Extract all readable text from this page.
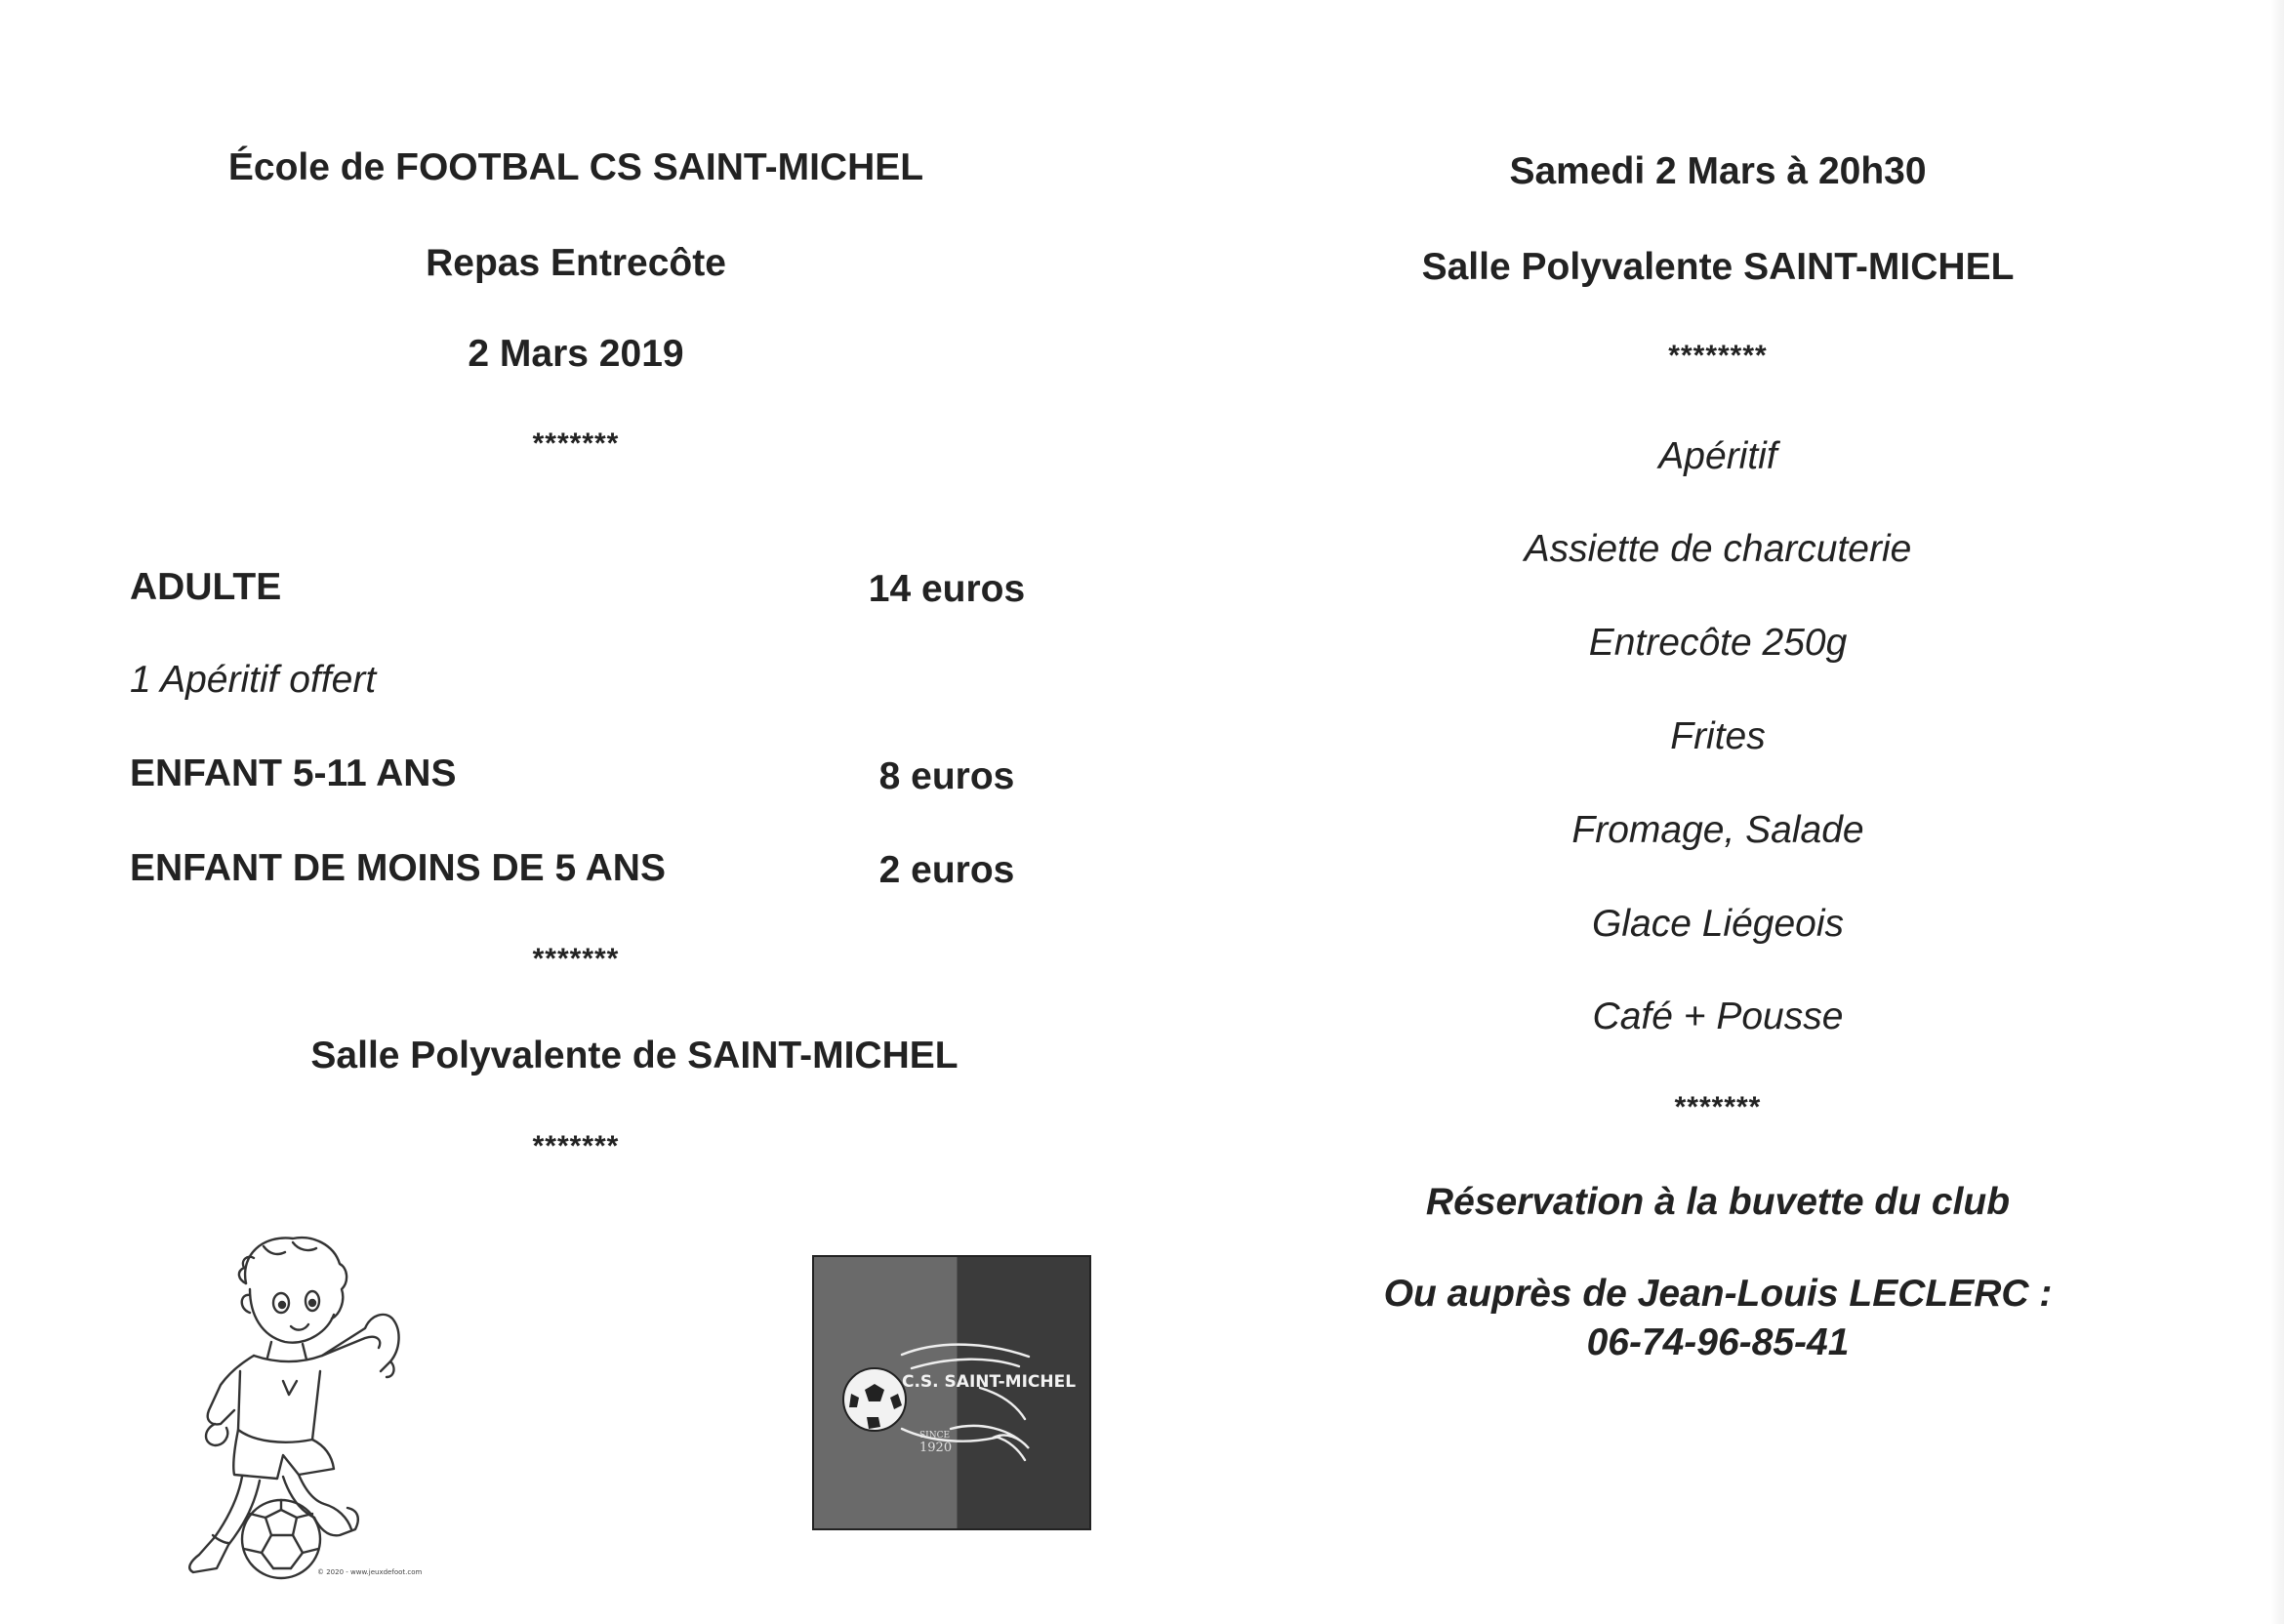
École de FOOTBAL CS SAINT-MICHEL
Repas Entrecôte
2 Mars 2019
*******
ADULTE	14 euros
1 Apéritif offert
ENFANT 5-11 ANS	8 euros
ENFANT DE MOINS DE 5 ANS	2 euros
*******
Salle Polyvalente de SAINT-MICHEL
*******
© 2020 - www.jeuxdefoot.com
C.S. SAINT-MICHEL
SINCE
1920
Samedi 2 Mars à 20h30
Salle Polyvalente SAINT-MICHEL
********
Apéritif
Assiette de charcuterie
Entrecôte 250g
Frites
Fromage, Salade
Glace Liégeois
Café + Pousse
*******
Réservation à la buvette du club
Ou auprès de Jean-Louis LECLERC :
06-74-96-85-41
